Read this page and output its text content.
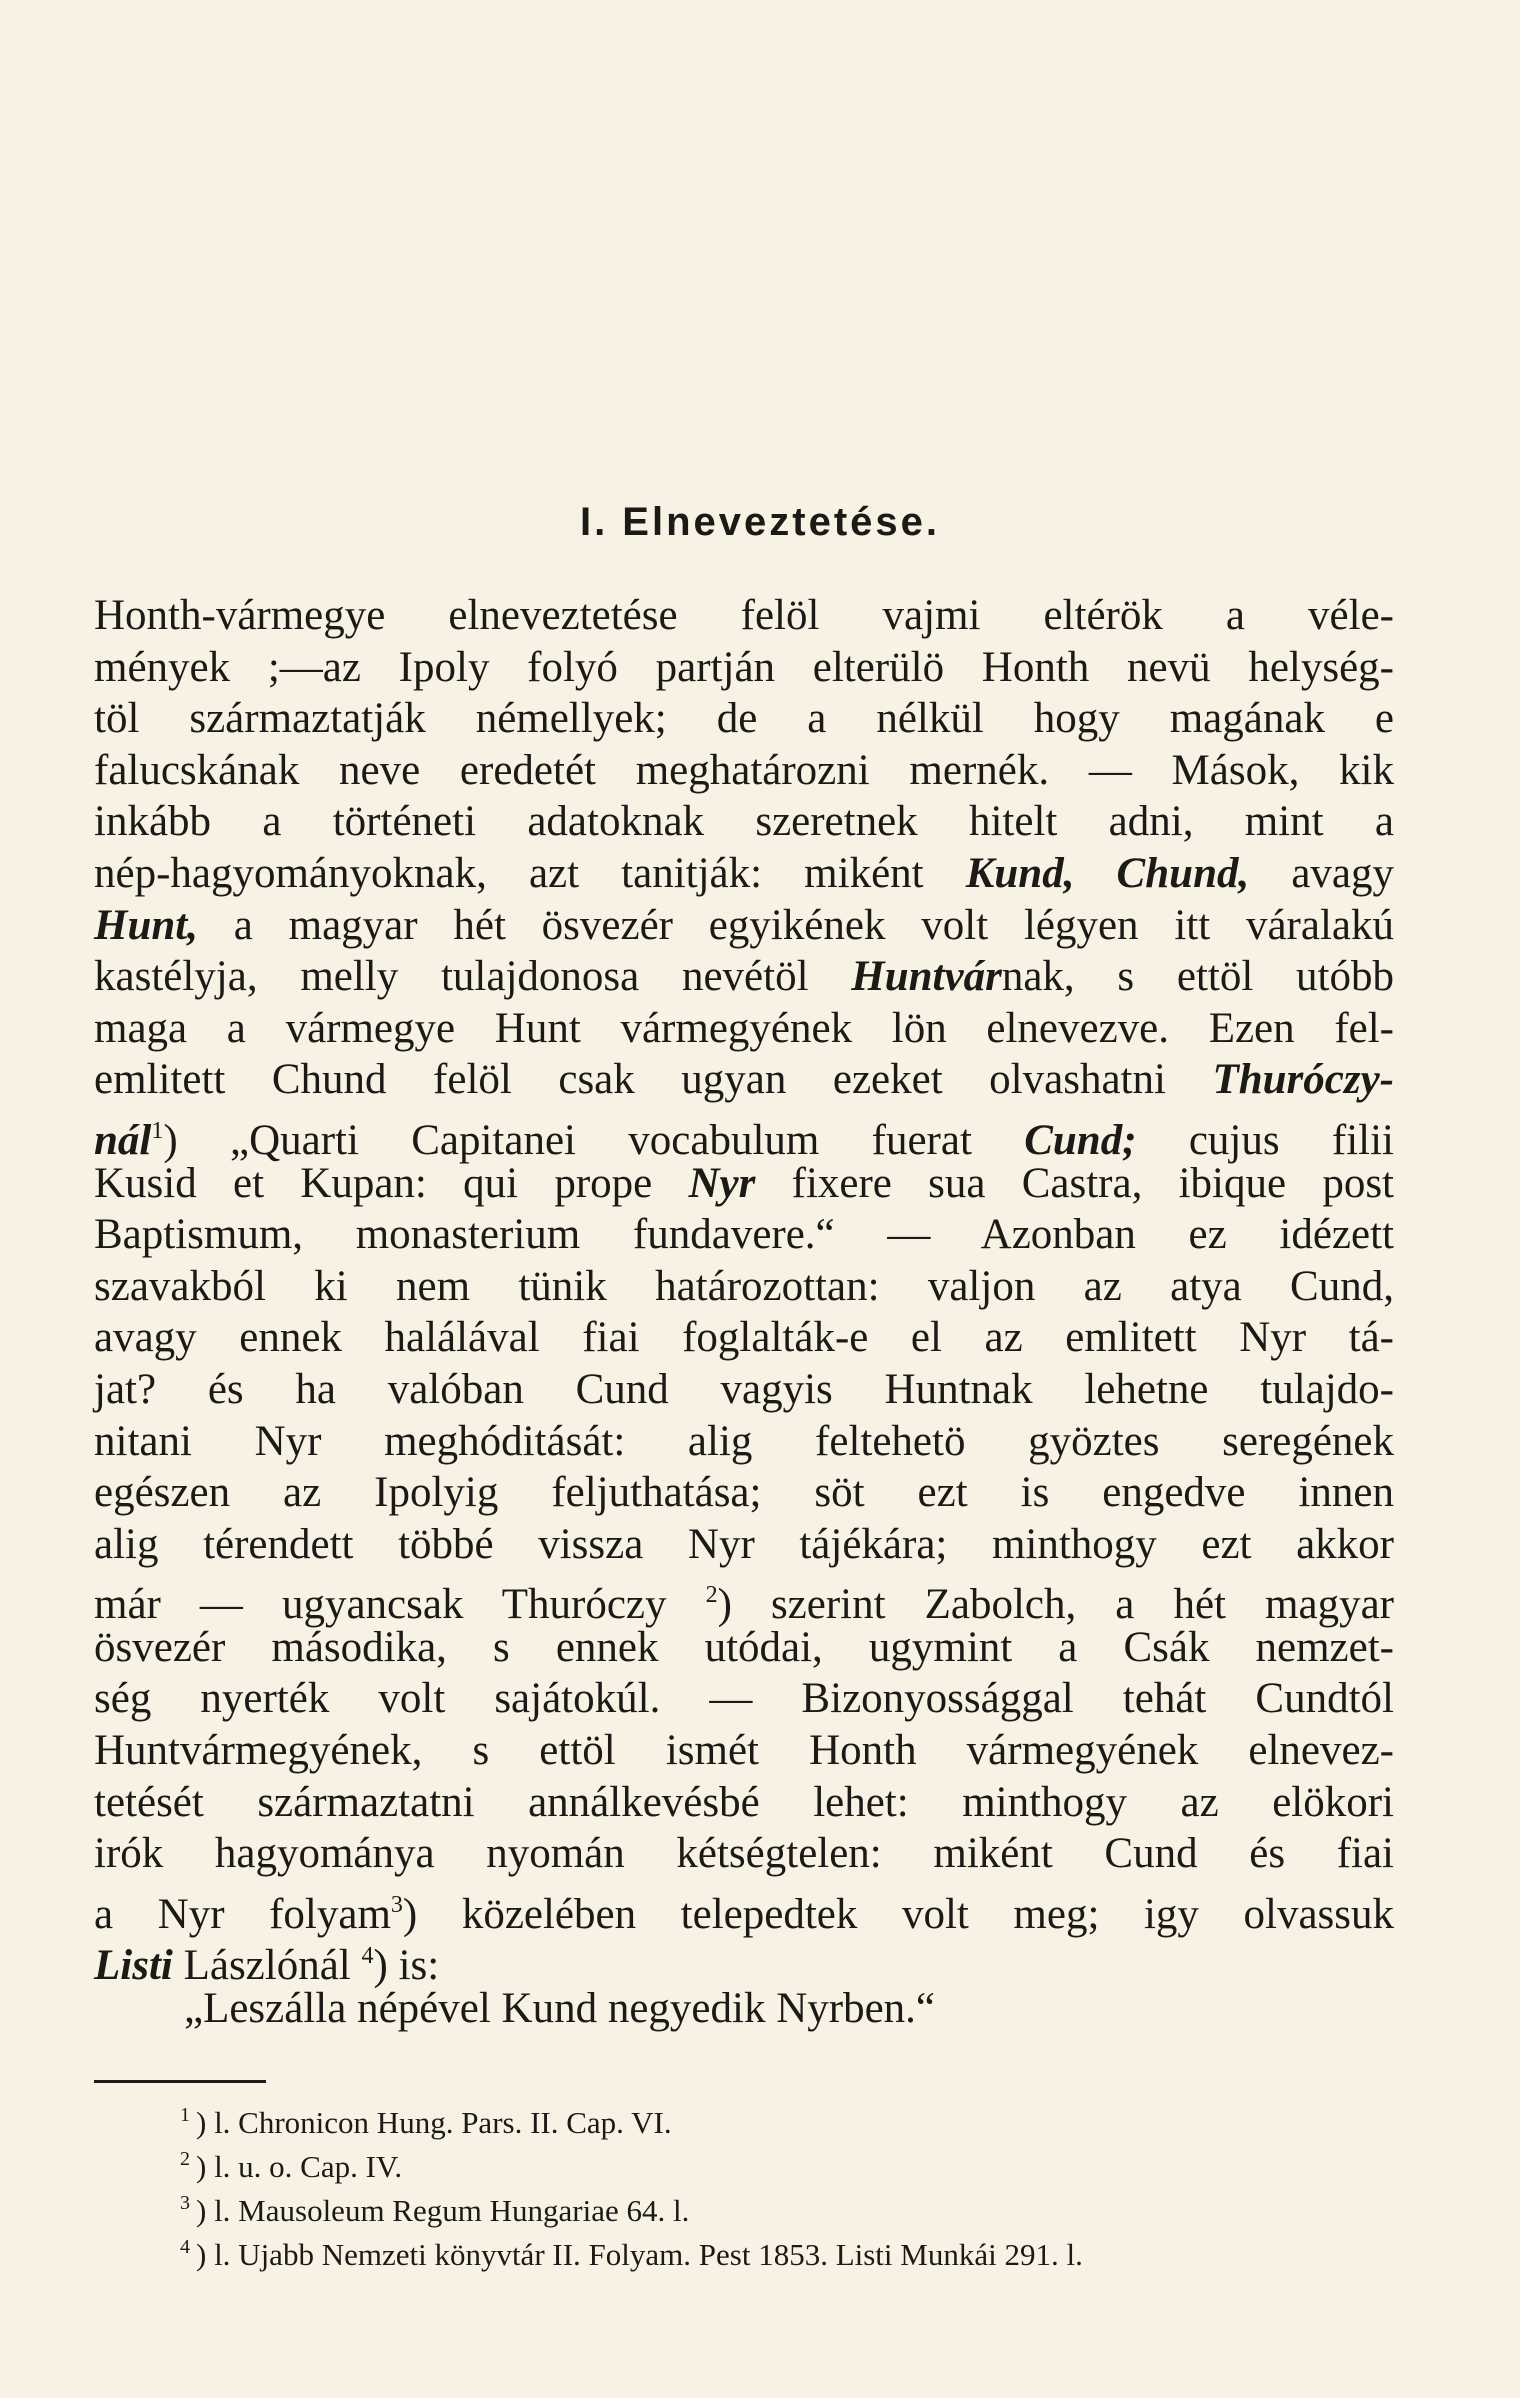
I. Elneveztetése.
Honth-vármegye elneveztetése felöl vajmi eltérök a véle-
mények ;—az Ipoly folyó partján elterülö Honth nevü helység-
töl származtatják némellyek; de a nélkül hogy magának e
falucskának neve eredetét meghatározni mernék. — Mások, kik
inkább a történeti adatoknak szeretnek hitelt adni, mint a
nép-hagyományoknak, azt tanitják: miként Kund, Chund, avagy
Hunt, a magyar hét ösvezér egyikének volt légyen itt váralakú
kastélyja, melly tulajdonosa nevétöl Huntvárnak, s ettöl utóbb
maga a vármegye Hunt vármegyének lön elnevezve. Ezen fel-
emlitett Chund felöl csak ugyan ezeket olvashatni Thuróczy-
nál$^1$) „Quarti Capitanei vocabulum fuerat Cund; cujus filii
Kusid et Kupan: qui prope Nyr fixere sua Castra, ibique post
Baptismum, monasterium fundavere.“ — Azonban ez idézett
szavakból ki nem tünik határozottan: valjon az atya Cund,
avagy ennek halálával fiai foglalták-e el az emlitett Nyr tá-
jat? és ha valóban Cund vagyis Huntnak lehetne tulajdo-
nitani Nyr meghóditását: alig feltehetö gyöztes seregének
egészen az Ipolyig feljuthatása; söt ezt is engedve innen
alig térendett többé vissza Nyr tájékára; minthogy ezt akkor
már — ugyancsak Thuróczy $^2$) szerint Zabolch, a hét magyar
ösvezér másodika, s ennek utódai, ugymint a Csák nemzet-
ség nyerték volt sajátokúl. — Bizonyossággal tehát Cundtól
Huntvármegyének, s ettöl ismét Honth vármegyének elnevez-
tetését származtatni annálkevésbé lehet: minthogy az elökori
irók hagyománya nyomán kétségtelen: miként Cund és fiai
a Nyr folyam$^3$) közelében telepedtek volt meg; igy olvassuk
Listi Lászlónál $^4$) is:
„Leszálla népével Kund negyedik Nyrben.“
$^1$ ) l. Chronicon Hung. Pars. II. Cap. VI.
$^2$ ) l. u. o. Cap. IV.
$^3$ ) l. Mausoleum Regum Hungariae 64. l.
$^4$ ) l. Ujabb Nemzeti könyvtár II. Folyam. Pest 1853. Listi Munkái 291. l.
